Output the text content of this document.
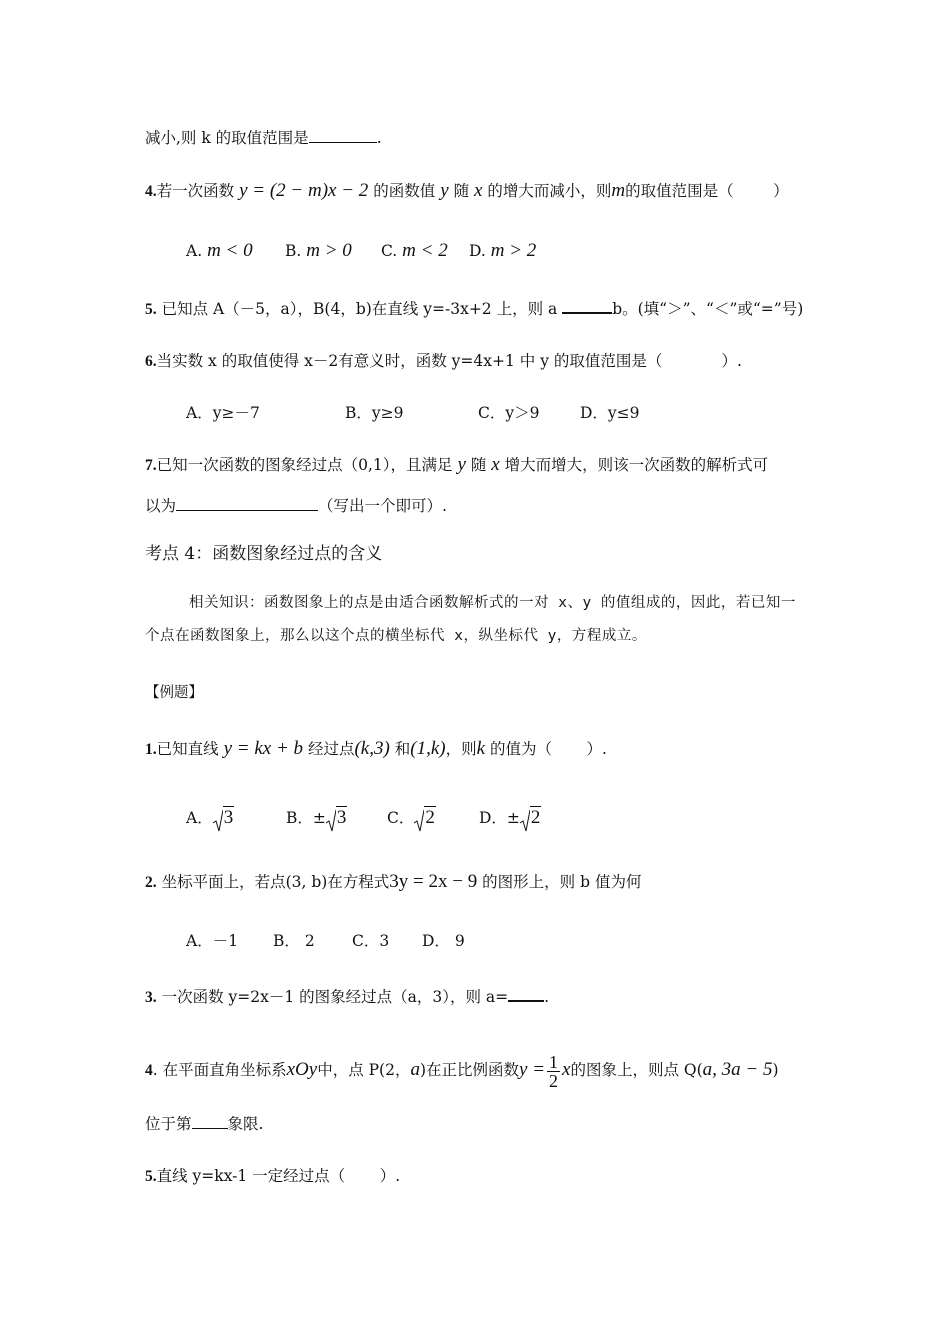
减小,则 k 的取值范围是	.
4.若一次函数 y = (2 − m)x − 2 的函数值 y 随 x 的增大而减小，则m的取值范围是（	）
A. m < 0 B. m > 0 C. m < 2 D. m > 2
5. 已知点 A（－5，a），B(4，b)在直线 y=-3x+2 上，则 a	b。(填“＞”、“＜”或“=”号)
6.当实数 x 的取值使得 x－2有意义时，函数 y=4x+1 中 y 的取值范围是（	）.
A．y≥－7	B．y≥9	C．y＞9	D．y≤9
7.已知一次函数的图象经过点（0,1），且满足 y 随 x 增大而增大，则该一次函数的解析式可
以为	（写出一个即可）.
考点 4：函数图象经过点的含义
相关知识：函数图象上的点是由适合函数解析式的一对 x、y 的值组成的，因此，若已知一个点在函数图象上，那么以这个点的横坐标代 x，纵坐标代 y，方程成立。
【例题】
1.已知直线 y = kx + b 经过点(k,3) 和(1,k)，则k 的值为（ ）.
A． 3	B．± 3	C． 2	D．± 2
2. 坐标平面上，若点(3, b)在方程式3y = 2x − 9 的图形上，则 b 值为何
A．－1 B． 2 C．3 D． 9
3. 一次函数 y=2x－1 的图象经过点（a，3），则 a= .
4. 在平面直角坐标系xOy中，点 P(2，a)在正比例函数$y = \frac{1}{2}$ x的图象上，则点 Q(a, 3a − 5)
位于第 象限.
5.直线 y=kx-1 一定经过点（ ）.
